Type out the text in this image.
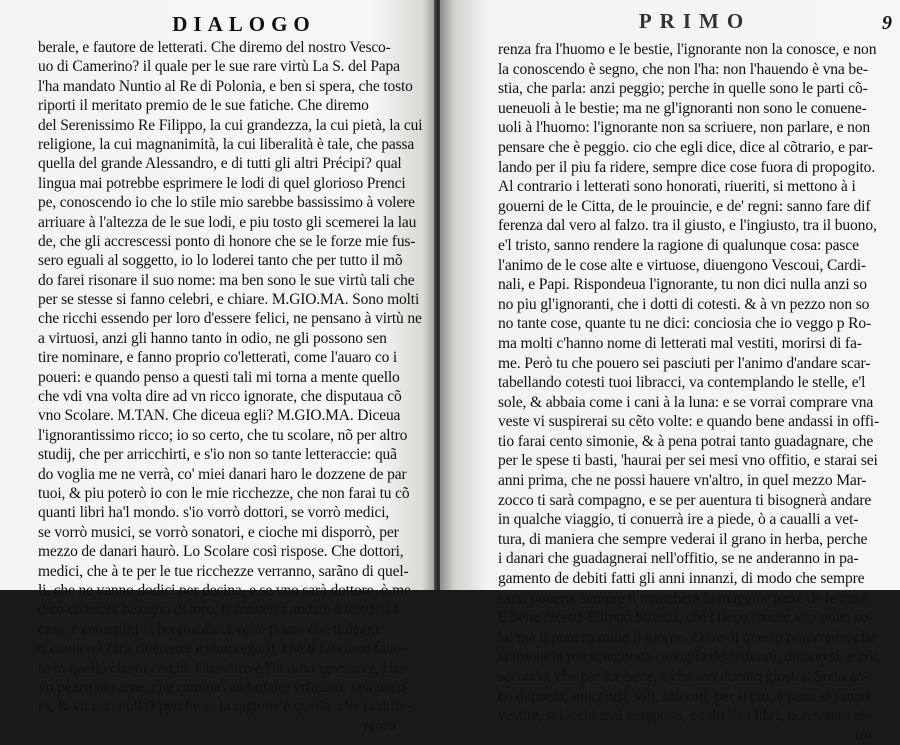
DIALOGO
berale, e fautore de letterati. Che diremo del nostro Vesco-
uo di Camerino? il quale per le sue rare virtù La S. del Papa
l'ha mandato Nuntio al Re di Polonia, e ben si spera, che tosto
riporti il meritato premio de le sue fatiche. Che diremo
del Serenissimo Re Filippo, la cui grandezza, la cui pietà, la cui
religione, la cui magnanimità, la cui liberalità è tale, che passa
quella del grande Alessandro, e di tutti gli altri Précipi? qual
lingua mai potrebbe esprimere le lodi di quel glorioso Prenci
pe, conoscendo io che lo stile mio sarebbe bassissimo à volere
arriuare à l'altezza de le sue lodi, e piu tosto gli scemerei la lau
de, che gli accrescessi ponto di honore che se le forze mie fus-
sero eguali al soggetto, io lo loderei tanto che per tutto il mõ
do farei risonare il suo nome: ma ben sono le sue virtù tali che
per se stesse si fanno celebri, e chiare. M.GIO.MA. Sono molti
che ricchi essendo per loro d'essere felici, ne pensano à virtù ne
a virtuosi, anzi gli hanno tanto in odio, ne gli possono sen
tire nominare, e fanno proprio co'letterati, come l'auaro co i
poueri: e quando penso a questi tali mi torna a mente quello
che vdi vna volta dire ad vn ricco ignorate, che disputaua cõ
vno Scolare. M.TAN. Che diceua egli? M.GIO.MA. Diceua
l'ignorantissimo ricco; io so certo, che tu scolare, nõ per altro
studij, che per arricchirti, e s'io non so tante letteraccie: quã
do voglia me ne verrà, co' miei danari haro le dozzene de par
tuoi, & piu poterò io con le mie ricchezze, che non farai tu cõ
quanti libri ha'l mondo. s'io vorrò dottori, se vorrò medici,
se vorrò musici, se vorrò sonatori, e cioche mi disporrò, per
mezzo de danari haurò. Lo Scolare così rispose. Che dottori,
medici, che à te per le tue ricchezze verranno, sarãno di quel-
li, che ne vanno dodici per decina, e se vno sarà dottore, ò me
dico ch'habbi bisogno di loro, ti conuerrà andare à trouarli à
casa, e cauargliti la beretta dieci volte prima che ti degni:
ti conuerrà farli riuerenza e strapregarli, che ti facciano fauo-
re in quello che tu cerchi. Che altro è l'huomo ignorante, che
vn pezzo di carne, che camina: vn bufalo, vn'asino, vna peco-
ra, & vn non nulla? perche se la ragione è quella, che fa diffe-
renza
PRIMO	9
renza fra l'huomo e le bestie, l'ignorante non la conosce, e non
la conoscendo è segno, che non l'ha: non l'hauendo è vna be-
stia, che parla: anzi peggio; perche in quelle sono le parti cõ-
ueneuoli à le bestie; ma ne gl'ignoranti non sono le conuene-
uoli à l'huomo: l'ignorante non sa scriuere, non parlare, e non
pensare che è peggio. cio che egli dice, dice al cõtrario, e par-
lando per il piu fa ridere, sempre dice cose fuora di propogito.
Al contrario i letterati sono honorati, riueriti, si mettono à i
gouerni de le Citta, de le prouincie, e de' regni: sanno fare dif
ferenza dal vero al falzo. tra il giusto, e l'ingiusto, tra il buono,
e'l tristo, sanno rendere la ragione di qualunque cosa: pasce
l'animo de le cose alte e virtuose, diuengono Vescoui, Cardi-
nali, e Papi. Rispondeua l'ignorante, tu non dici nulla anzi so
no piu gl'ignoranti, che i dotti di cotesti. & à vn pezzo non so
no tante cose, quante tu ne dici: conciosia che io veggo p Ro-
ma molti c'hanno nome di letterati mal vestiti, morirsi di fa-
me. Però tu che pouero sei pasciuti per l'animo d'andare scar-
tabellando cotesti tuoi libracci, va contemplando le stelle, e'l
sole, & abbaia come i cani à la luna: e se vorrai comprare vna
veste vi suspirerai su cẽto volte: e quando bene andassi in offi-
tio farai cento simonie, & à pena potrai tanto guadagnare, che
per le spese ti basti, 'haurai per sei mesi vno offitio, e starai sei
anni prima, che ne possi hauere vn'altro, in quel mezzo Mar-
zocco ti sarà compagno, e se per auentura ti bisognerà andare
in qualche viaggio, ti conuerrà ire a piede, ò a caualli a vet-
tura, di maniera che sempre vederai il grano in herba, perche
i danari che guadagnerai nell'offitio, se ne anderanno in pa-
gamento de debiti fatti gli anni innanzi, di modo che sempre
sarai pouero, sempre ti mancherà la maggior parte de le cose.
E bene diceua Filippo Strozzi, che'l ricco muore vna volta so-
la: ma il pouero mille il giorno. Oltre di questo non credo, che
si truoui la piu sciagurata canaglia de' letterati, dicono sì, e nõ:
secondo, che par lor bene, e che san donato giostra. Sono an-
co dapochi, mucciusi, vili, infermi, per il piu, a pena si sanno
vestire, sciocchi mal composti, e tolti da i libri, non sanno al-
tro
